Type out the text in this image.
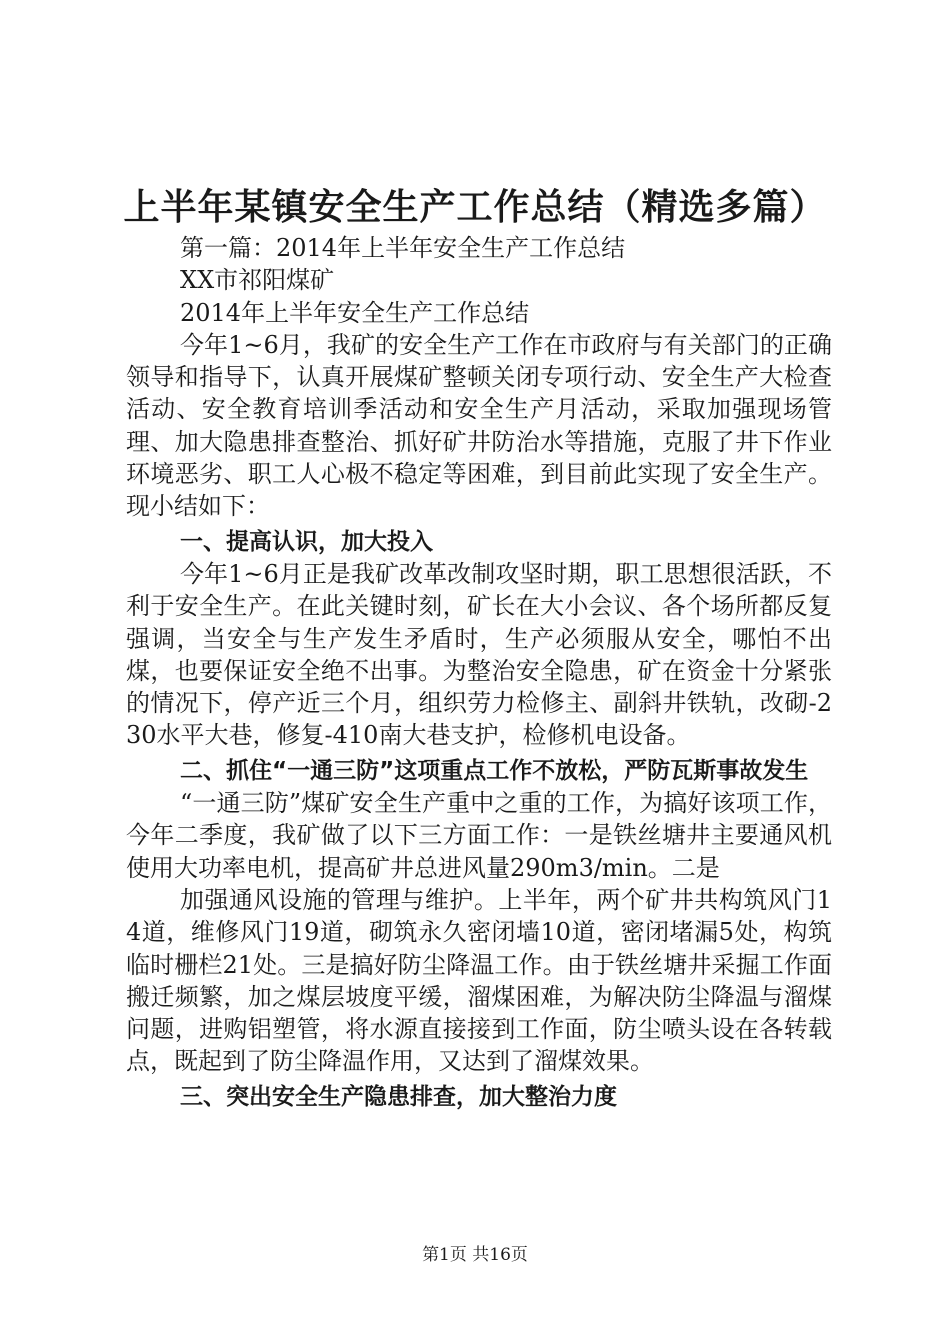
上半年某镇安全生产工作总结（精选多篇）

第一篇：2014年上半年安全生产工作总结

XX市祁阳煤矿

2014年上半年安全生产工作总结

今年1~6月，我矿的安全生产工作在市政府与有关部门的正确领导和指导下，认真开展煤矿整顿关闭专项行动、安全生产大检查活动、安全教育培训季活动和安全生产月活动，采取加强现场管理、加大隐患排查整治、抓好矿井防治水等措施，克服了井下作业环境恶劣、职工人心极不稳定等困难，到目前此实现了安全生产。现小结如下：

一、提高认识，加大投入

今年1~6月正是我矿改革改制攻坚时期，职工思想很活跃，不利于安全生产。在此关键时刻，矿长在大小会议、各个场所都反复强调，当安全与生产发生矛盾时，生产必须服从安全，哪怕不出煤，也要保证安全绝不出事。为整治安全隐患，矿在资金十分紧张的情况下，停产近三个月，组织劳力检修主、副斜井铁轨，改砌-230水平大巷，修复-410南大巷支护，检修机电设备。

二、抓住“一通三防”这项重点工作不放松，严防瓦斯事故发生

“一通三防”煤矿安全生产重中之重的工作，为搞好该项工作，今年二季度，我矿做了以下三方面工作：一是铁丝塘井主要通风机使用大功率电机，提高矿井总进风量290m3/min。二是

加强通风设施的管理与维护。上半年，两个矿井共构筑风门14道，维修风门19道，砌筑永久密闭墙10道，密闭堵漏5处，构筑临时栅栏21处。三是搞好防尘降温工作。由于铁丝塘井采掘工作面搬迁频繁，加之煤层坡度平缓，溜煤困难，为解决防尘降温与溜煤问题，进购铝塑管，将水源直接接到工作面，防尘喷头设在各转载点，既起到了防尘降温作用，又达到了溜煤效果。

三、突出安全生产隐患排查，加大整治力度

第1页 共16页
